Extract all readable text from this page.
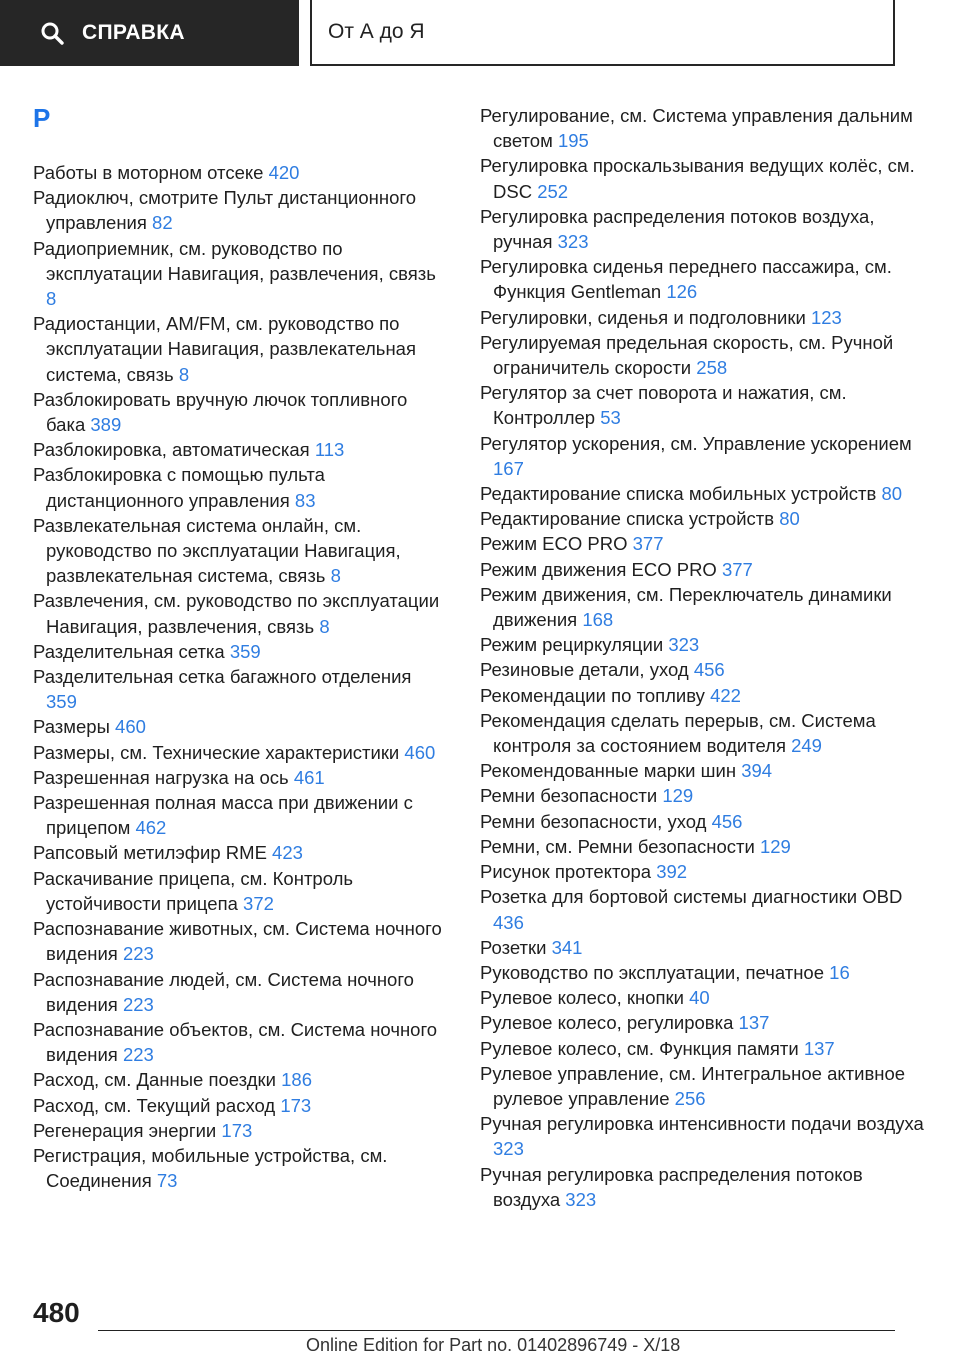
СПРАВКА	От А до Я
Р
Работы в моторном отсеке 420
Радиоключ, смотрите Пульт дистанционного управления 82
Радиоприемник, см. руководство по эксплуатации Навигация, развлечения, связь8
Радиостанции, AM/FM, см. руководство по эксплуатации Навигация, развлекательная система, связь 8
Разблокировать вручную лючок топливного бака 389
Разблокировка, автоматическая 113
Разблокировка с помощью пульта дистанционного управления 83
Развлекательная система онлайн, см. руководство по эксплуатации Навигация, развлекательная система, связь 8
Развлечения, см. руководство по эксплуатации Навигация, развлечения, связь 8
Разделительная сетка 359
Разделительная сетка багажного отделения359
Размеры 460
Размеры, см. Технические характеристики 460
Разрешенная нагрузка на ось 461
Разрешенная полная масса при движении с прицепом 462
Рапсовый метилэфир RME 423
Раскачивание прицепа, см. Контроль устойчивости прицепа 372
Распознавание животных, см. Система ночного видения 223
Распознавание людей, см. Система ночного видения 223
Распознавание объектов, см. Система ночного видения 223
Расход, см. Данные поездки 186
Расход, см. Текущий расход 173
Регенерация энергии 173
Регистрация, мобильные устройства, см. Соединения 73
Регулирование, см. Система управления дальним светом 195
Регулировка проскальзывания ведущих колёс, см. DSC 252
Регулировка распределения потоков воздуха, ручная 323
Регулировка сиденья переднего пассажира, см. Функция Gentleman 126
Регулировки, сиденья и подголовники 123
Регулируемая предельная скорость, см. Ручной ограничитель скорости 258
Регулятор за счет поворота и нажатия, см. Контроллер 53
Регулятор ускорения, см. Управление ускорением167
Редактирование списка мобильных устройств 80
Редактирование списка устройств 80
Режим ECO PRO 377
Режим движения ECO PRO 377
Режим движения, см. Переключатель динамики движения 168
Режим рециркуляции 323
Резиновые детали, уход 456
Рекомендации по топливу 422
Рекомендация сделать перерыв, см. Система контроля за состоянием водителя 249
Рекомендованные марки шин 394
Ремни безопасности 129
Ремни безопасности, уход 456
Ремни, см. Ремни безопасности 129
Рисунок протектора 392
Розетка для бортовой системы диагностики OBD436
Розетки 341
Руководство по эксплуатации, печатное 16
Рулевое колесо, кнопки 40
Рулевое колесо, регулировка 137
Рулевое колесо, см. Функция памяти 137
Рулевое управление, см. Интегральное активное рулевое управление 256
Ручная регулировка интенсивности подачи воздуха323
Ручная регулировка распределения потоков воздуха 323
480
Online Edition for Part no. 01402896749 - X/18
